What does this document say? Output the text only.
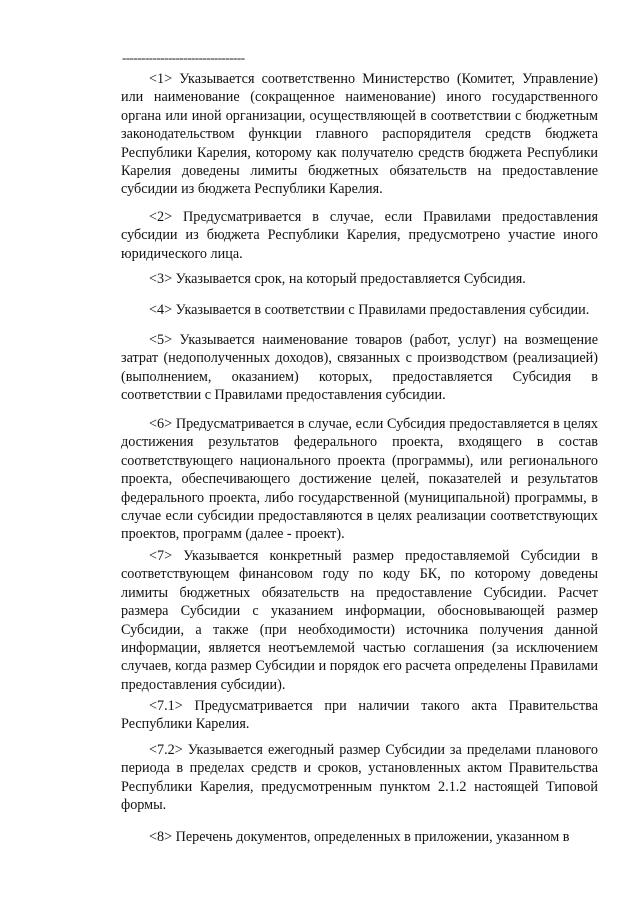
--------------------------------

<1> Указывается соответственно Министерство (Комитет, Управление) или наименование (сокращенное наименование) иного государственного органа или иной организации, осуществляющей в соответствии с бюджетным законодательством функции главного распорядителя средств бюджета Республики Карелия, которому как получателю средств бюджета Республики Карелия доведены лимиты бюджетных обязательств на предоставление субсидии из бюджета Республики Карелия.

<2> Предусматривается в случае, если Правилами предоставления субсидии из бюджета Республики Карелия, предусмотрено участие иного юридического лица.

<3> Указывается срок, на который предоставляется Субсидия.

<4> Указывается в соответствии с Правилами предоставления субсидии.

<5> Указывается наименование товаров (работ, услуг) на возмещение затрат (недополученных доходов), связанных с производством (реализацией) (выполнением, оказанием) которых, предоставляется Субсидия в соответствии с Правилами предоставления субсидии.

<6> Предусматривается в случае, если Субсидия предоставляется в целях достижения результатов федерального проекта, входящего в состав соответствующего национального проекта (программы), или регионального проекта, обеспечивающего достижение целей, показателей и результатов федерального проекта, либо государственной (муниципальной) программы, в случае если субсидии предоставляются в целях реализации соответствующих проектов, программ (далее - проект).

<7> Указывается конкретный размер предоставляемой Субсидии в соответствующем финансовом году по коду БК, по которому доведены лимиты бюджетных обязательств на предоставление Субсидии. Расчет размера Субсидии с указанием информации, обосновывающей размер Субсидии, а также (при необходимости) источника получения данной информации, является неотъемлемой частью соглашения (за исключением случаев, когда размер Субсидии и порядок его расчета определены Правилами предоставления субсидии).

<7.1> Предусматривается при наличии такого акта Правительства Республики Карелия.

<7.2> Указывается ежегодный размер Субсидии за пределами планового периода в пределах средств и сроков, установленных актом Правительства Республики Карелия, предусмотренным пунктом 2.1.2 настоящей Типовой формы.

<8> Перечень документов, определенных в приложении, указанном в
